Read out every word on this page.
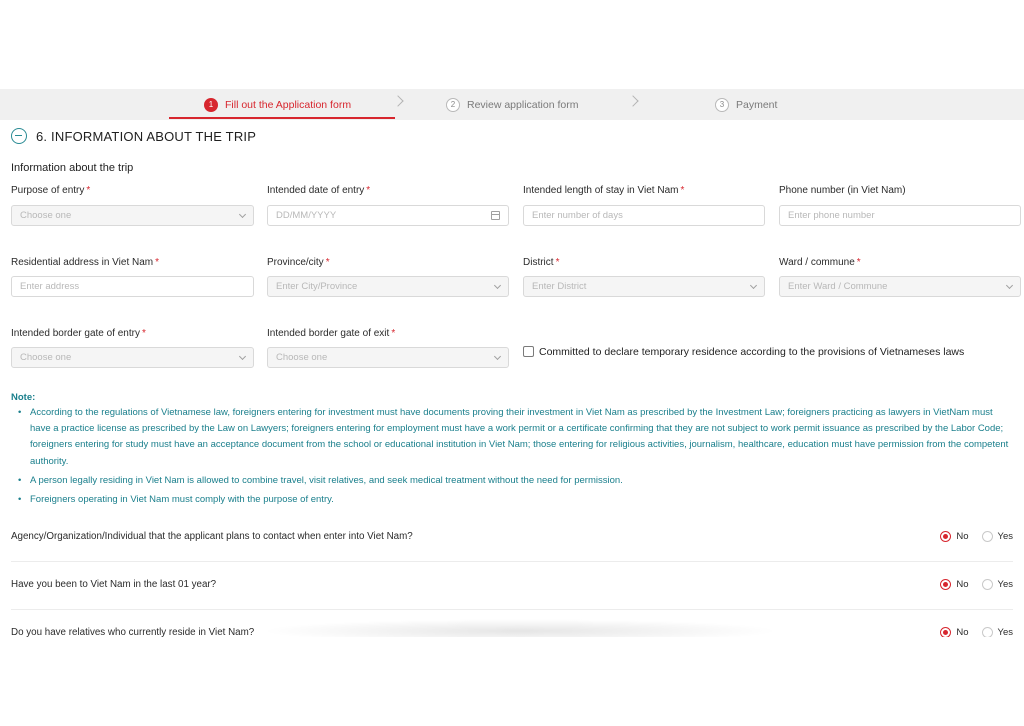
1	Fill out the Application form	2	Review application form	3	Payment
6. INFORMATION ABOUT THE TRIP
Information about the trip
Purpose of entry *
Choose one
Intended date of entry *
DD/MM/YYYY
Intended length of stay in Viet Nam *
Enter number of days
Phone number (in Viet Nam)
Enter phone number
Residential address in Viet Nam *
Enter address
Province/city *
Enter City/Province
District *
Enter District
Ward / commune *
Enter Ward / Commune
Intended border gate of entry *
Choose one
Intended border gate of exit *
Choose one	Committed to declare temporary residence according to the provisions of Vietnameses laws
Note:
• According to the regulations of Vietnamese law, foreigners entering for investment must have documents proving their investment in Viet Nam as prescribed by the Investment Law; foreigners practicing as lawyers in VietNam must have a practice license as prescribed by the Law on Lawyers; foreigners entering for employment must have a work permit or a certificate confirming that they are not subject to work permit issuance as prescribed by the Labor Code; foreigners entering for study must have an acceptance document from the school or educational institution in Viet Nam; those entering for religious activities, journalism, healthcare, education must have permission from the competent authority.
• A person legally residing in Viet Nam is allowed to combine travel, visit relatives, and seek medical treatment without the need for permission.
• Foreigners operating in Viet Nam must comply with the purpose of entry.
Agency/Organization/Individual that the applicant plans to contact when enter into Viet Nam?	No	Yes
Have you been to Viet Nam in the last 01 year?	No	Yes
Do you have relatives who currently reside in Viet Nam?	No	Yes
